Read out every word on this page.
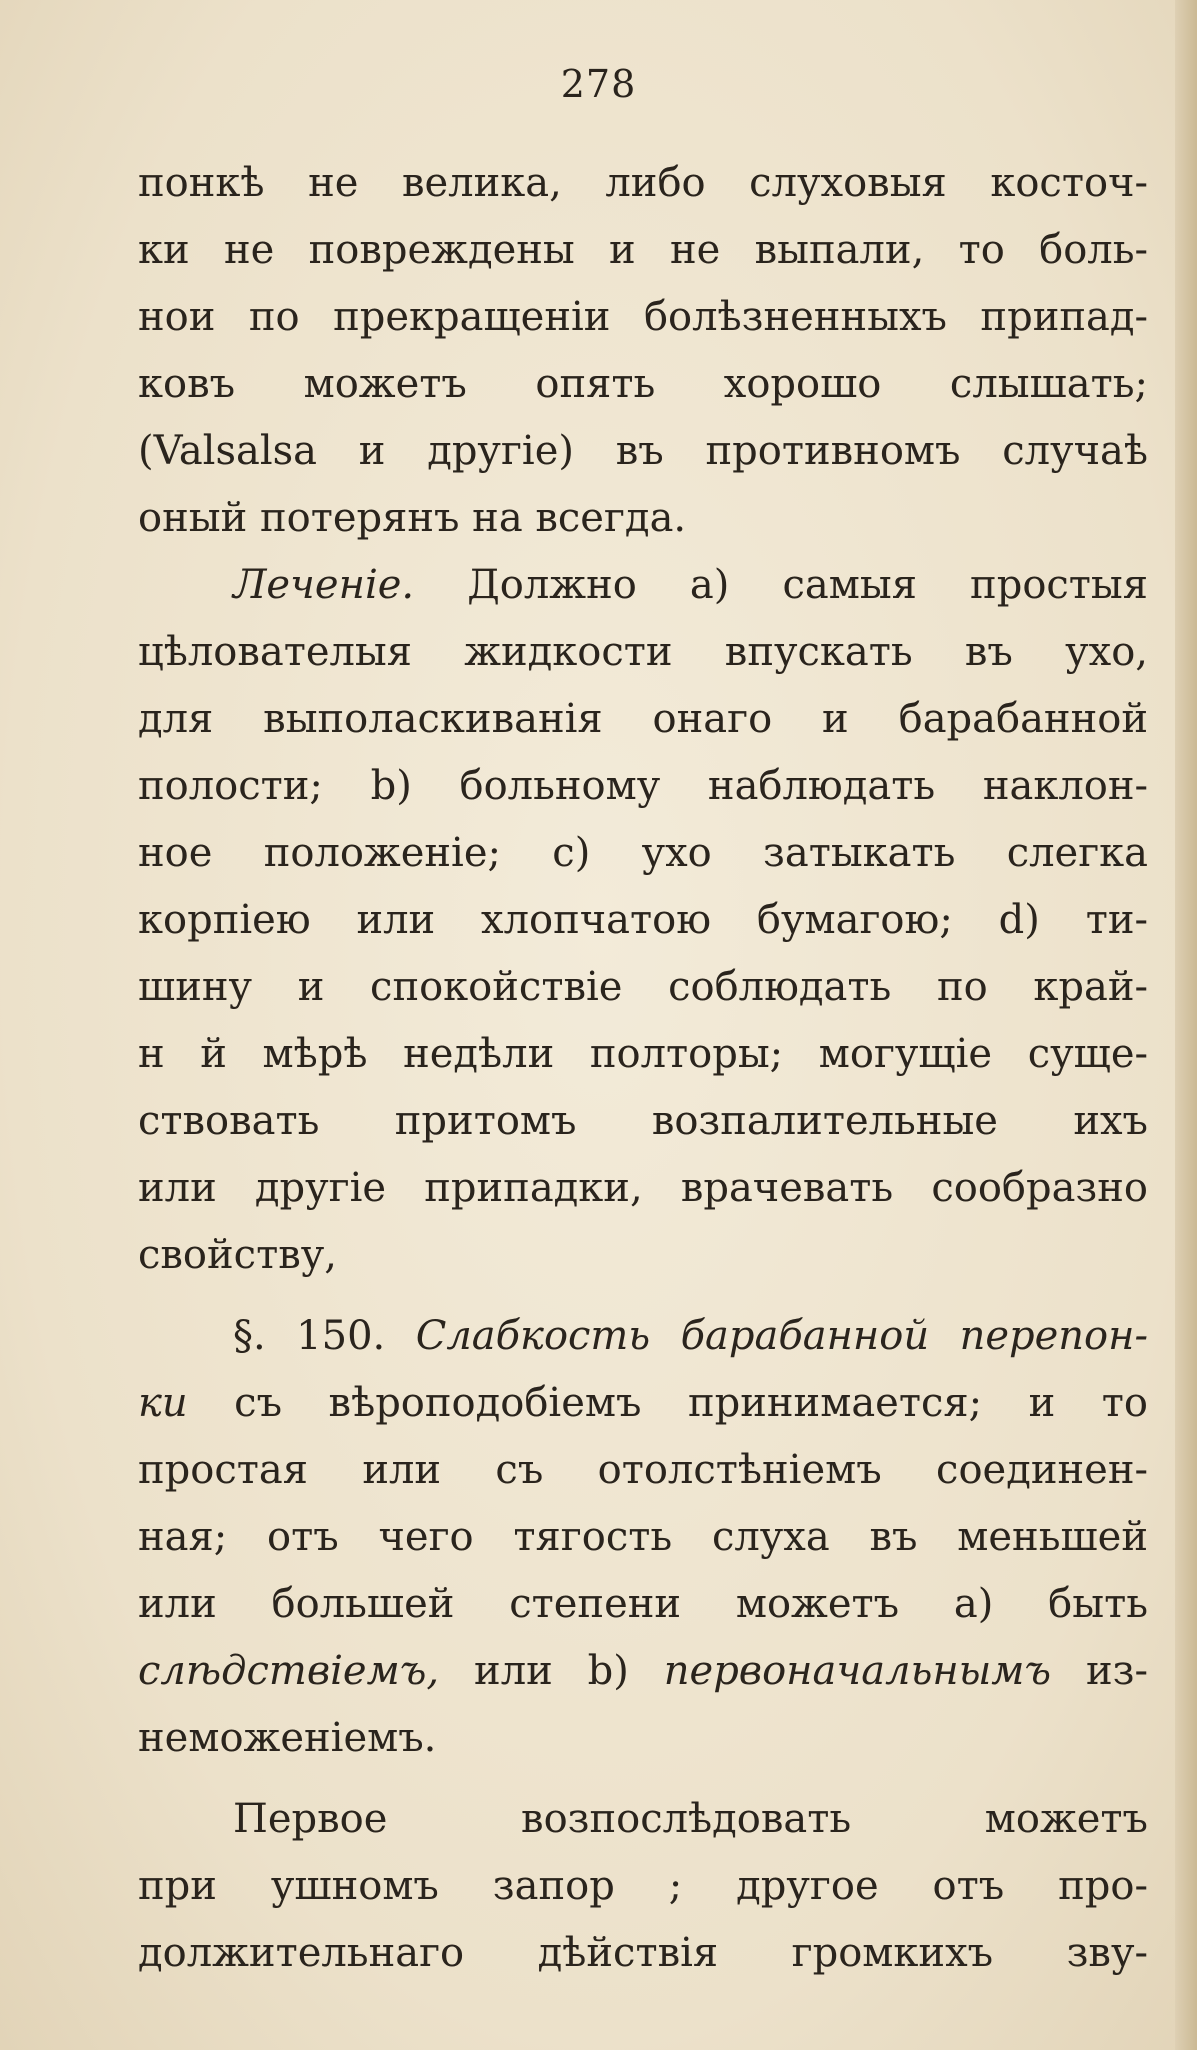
278
понкѣ не велика, либо слуховыя косточ-
ки не повреждены и не выпали, то боль-
нои по прекращеніи болѣзненныхъ припад-
ковъ можетъ опять хорошо слышать;
(Valsalsa и другіе) въ противномъ случаѣ
оный потерянъ на всегда.
Леченіе. Должно а) самыя простыя
цѣлователыя жидкости впускать въ ухо,
для выполаскиванія онаго и барабанной
полости; b) больному наблюдать наклон-
ное положеніе; c) ухо затыкать слегка
корпіею или хлопчатою бумагою; d) ти-
шину и спокойствіе соблюдать по край-
н й мѣрѣ недѣли полторы; могущіе суще-
ствовать притомъ возпалительные ихъ
или другіе припадки, врачевать сообразно
свойству,
§. 150. Слабкость барабанной перепон-
ки съ вѣроподобіемъ принимается; и то
простая или съ отолстѣніемъ соединен-
ная; отъ чего тягость слуха въ меньшей
или большей степени можетъ а) быть
слѣдствіемъ, или b) первоначальнымъ из-
неможеніемъ.
Первое возпослѣдовать можетъ
при ушномъ запор ; другое отъ про-
должительнаго дѣйствія громкихъ зву-
